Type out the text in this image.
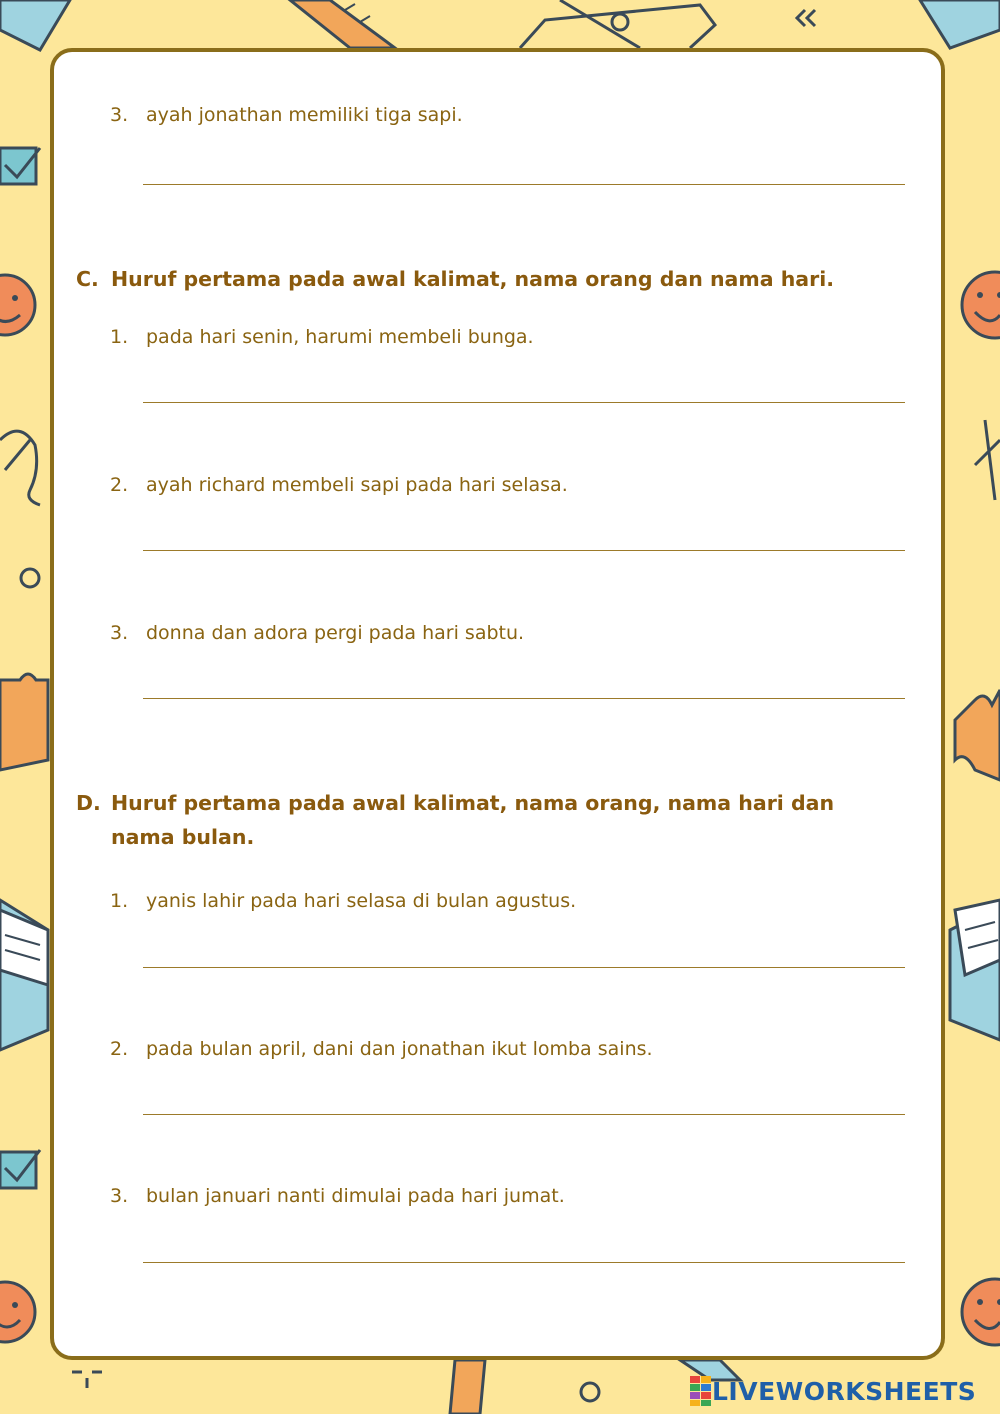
3. ayah jonathan memiliki tiga sapi.
C. Huruf pertama pada awal kalimat, nama orang dan nama hari.
1. pada hari senin, harumi membeli bunga.
2. ayah richard membeli sapi pada hari selasa.
3. donna dan adora pergi pada hari sabtu.
D. Huruf pertama pada awal kalimat, nama orang, nama hari dan nama bulan.
1. yanis lahir pada hari selasa di bulan agustus.
2. pada bulan april, dani dan jonathan ikut lomba sains.
3. bulan januari nanti dimulai pada hari jumat.
LIVEWORKSHEETS
